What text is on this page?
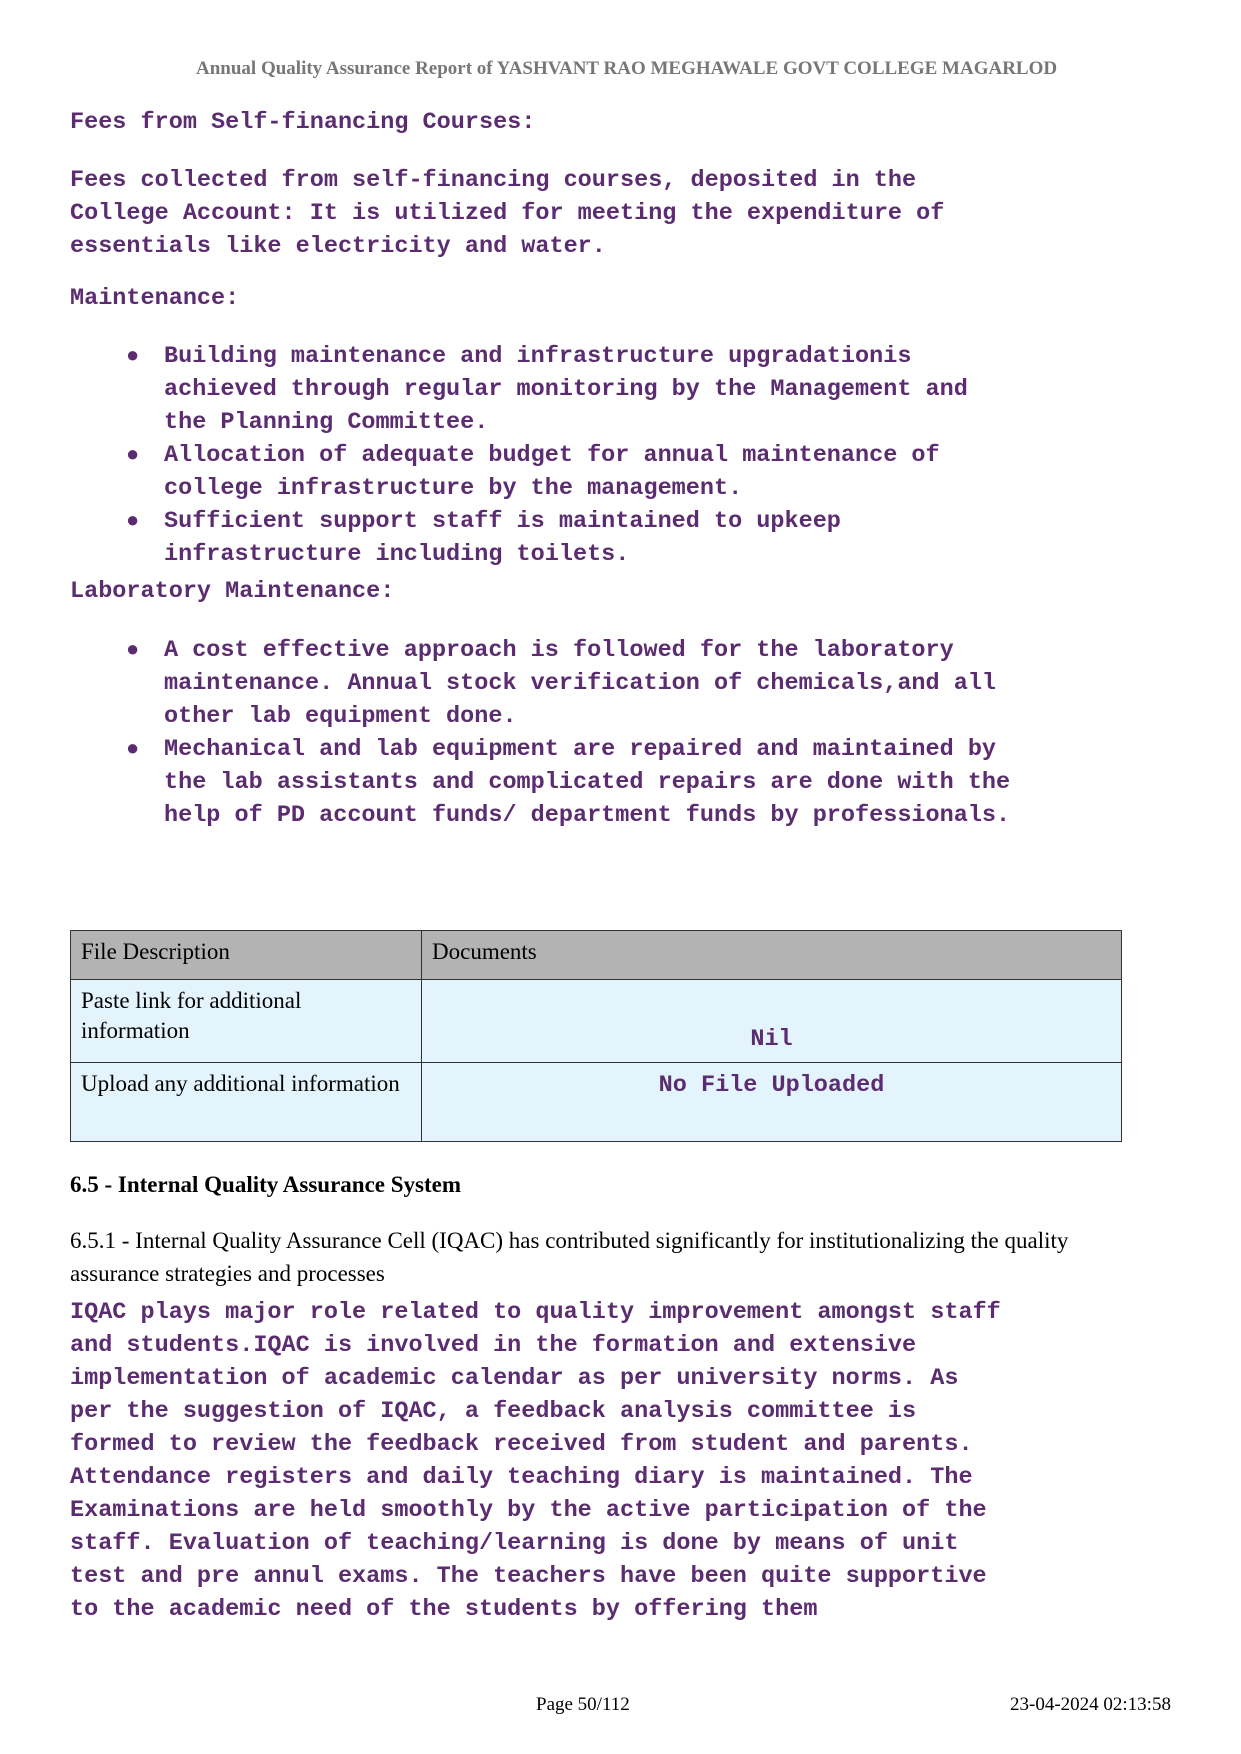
Annual Quality Assurance Report of YASHVANT RAO MEGHAWALE GOVT COLLEGE MAGARLOD
Fees from Self-financing Courses:
Fees collected from self-financing courses, deposited in the
College Account: It is utilized for meeting the expenditure of
essentials like electricity and water.
Maintenance:
● Building maintenance and infrastructure upgradationis
achieved through regular monitoring by the Management and
the Planning Committee.
● Allocation of adequate budget for annual maintenance of
college infrastructure by the management.
● Sufficient support staff is maintained to upkeep
infrastructure including toilets.
Laboratory Maintenance:
● A cost effective approach is followed for the laboratory
maintenance. Annual stock verification of chemicals,and all
other lab equipment done.
● Mechanical and lab equipment are repaired and maintained by
the lab assistants and complicated repairs are done with the
help of PD account funds/ department funds by professionals.
File Description	Documents
Paste link for additional information	Nil
Upload any additional information	No File Uploaded
6.5 - Internal Quality Assurance System
6.5.1 - Internal Quality Assurance Cell (IQAC) has contributed significantly for institutionalizing the quality assurance strategies and processes
IQAC plays major role related to quality improvement amongst staff
and students.IQAC is involved in the formation and extensive
implementation of academic calendar as per university norms. As
per the suggestion of IQAC, a feedback analysis committee is
formed to review the feedback received from student and parents.
Attendance registers and daily teaching diary is maintained. The
Examinations are held smoothly by the active participation of the
staff. Evaluation of teaching/learning is done by means of unit
test and pre annul exams. The teachers have been quite supportive
to the academic need of the students by offering them
Page 50/112	23-04-2024 02:13:58
